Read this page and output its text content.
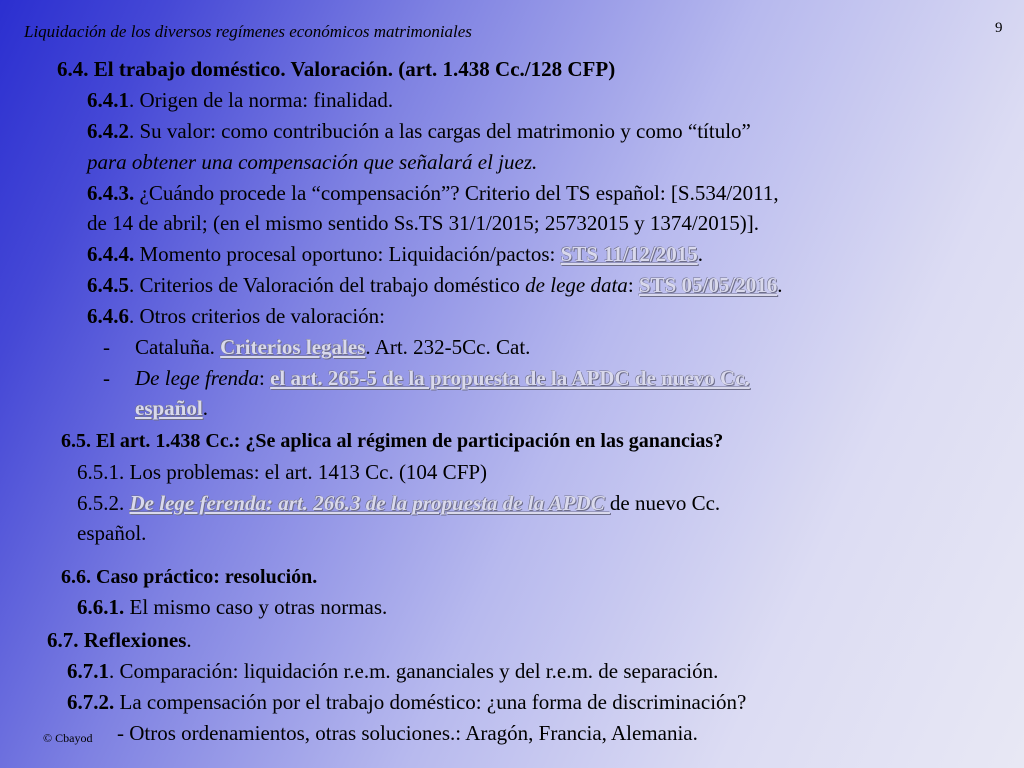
Liquidación de los diversos regímenes económicos matrimoniales	9
6.4. El trabajo doméstico. Valoración. (art. 1.438 Cc./128 CFP)
6.4.1. Origen de la norma: finalidad.
6.4.2. Su valor: como contribución a las cargas del matrimonio y como “título”
para obtener una compensación que señalará el juez.
6.4.3. ¿Cuándo procede la “compensación”? Criterio del TS español: [S.534/2011,
de 14 de abril; (en el mismo sentido Ss.TS 31/1/2015; 25732015 y 1374/2015)].
6.4.4. Momento procesal oportuno: Liquidación/pactos: STS 11/12/2015.
6.4.5. Criterios de Valoración del trabajo doméstico de lege data: STS 05/05/2016.
6.4.6. Otros criterios de valoración:
- Cataluña. Criterios legales. Art. 232-5Cc. Cat.
- De lege frenda: el art. 265-5 de la propuesta de la APDC de nuevo Cc.
español.
6.5. El art. 1.438 Cc.: ¿Se aplica al régimen de participación en las ganancias?
6.5.1. Los problemas: el art. 1413 Cc. (104 CFP)
6.5.2. De lege ferenda: art. 266.3 de la propuesta de la APDC de nuevo Cc.
español.
6.6. Caso práctico: resolución.
6.6.1. El mismo caso y otras normas.
6.7. Reflexiones.
6.7.1. Comparación: liquidación r.e.m. gananciales y del r.e.m. de separación.
6.7.2. La compensación por el trabajo doméstico: ¿una forma de discriminación?
- Otros ordenamientos, otras soluciones.: Aragón, Francia, Alemania.
© Cbayod
